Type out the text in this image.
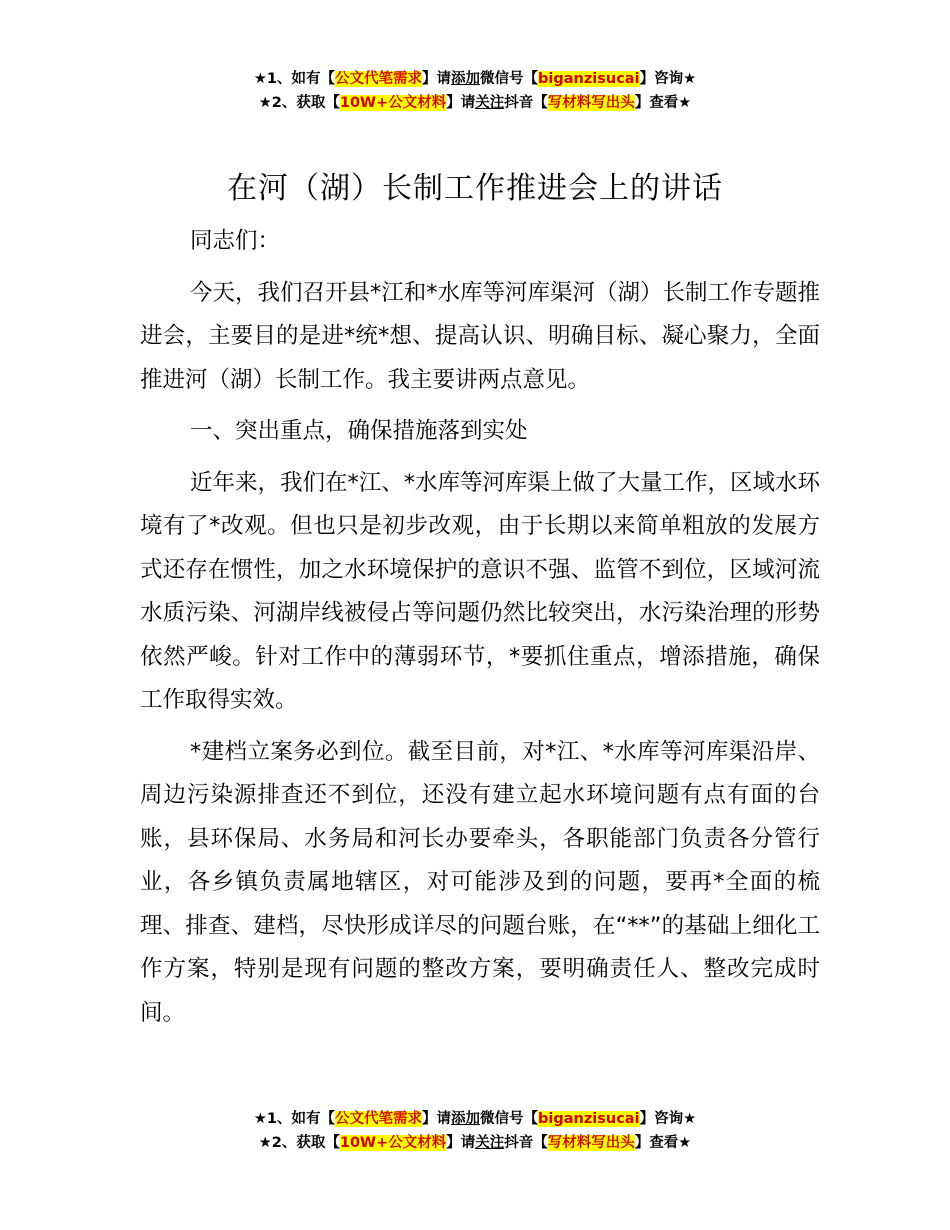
★1、如有【公文代笔需求】请添加微信号【biganzisucai】咨询★
★2、获取【10W+公文材料】请关注抖音【写材料写出头】查看★
在河（湖）长制工作推进会上的讲话

同志们：

今天，我们召开县*江和*水库等河库渠河（湖）长制工作专题推进会，主要目的是进*统*想、提高认识、明确目标、凝心聚力，全面推进河（湖）长制工作。我主要讲两点意见。

一、突出重点，确保措施落到实处

近年来，我们在*江、*水库等河库渠上做了大量工作，区域水环境有了*改观。但也只是初步改观，由于长期以来简单粗放的发展方式还存在惯性，加之水环境保护的意识不强、监管不到位，区域河流水质污染、河湖岸线被侵占等问题仍然比较突出，水污染治理的形势依然严峻。针对工作中的薄弱环节，*要抓住重点，增添措施，确保工作取得实效。

*建档立案务必到位。截至目前，对*江、*水库等河库渠沿岸、周边污染源排查还不到位，还没有建立起水环境问题有点有面的台账，县环保局、水务局和河长办要牵头，各职能部门负责各分管行业，各乡镇负责属地辖区，对可能涉及到的问题，要再*全面的梳理、排查、建档，尽快形成详尽的问题台账，在“**”的基础上细化工作方案，特别是现有问题的整改方案，要明确责任人、整改完成时间。

★1、如有【公文代笔需求】请添加微信号【biganzisucai】咨询★
★2、获取【10W+公文材料】请关注抖音【写材料写出头】查看★
